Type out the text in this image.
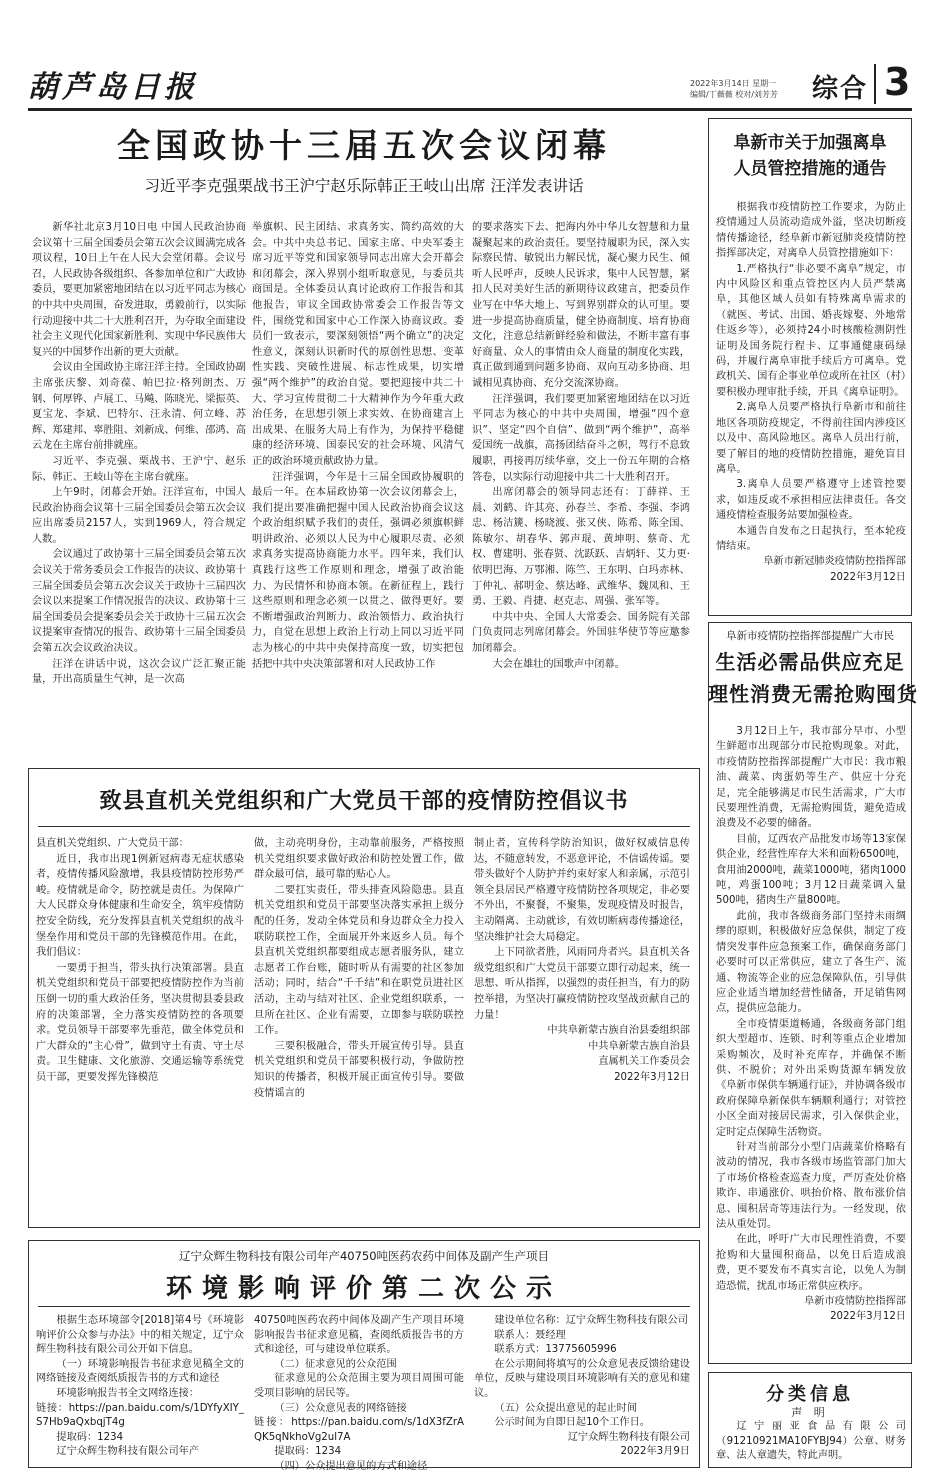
葫芦岛日报	2022年3月14日 星期一
编辑/丁薇薇 校对/刘芳芳 综合 3
全国政协十三届五次会议闭幕
习近平李克强栗战书王沪宁赵乐际韩正王岐山出席 汪洋发表讲话

新华社北京3月10日电 中国人民政治协商会议第十三届全国委员会第五次会议圆满完成各项议程，10日上午在人民大会堂闭幕。会议号召，人民政协各级组织、各参加单位和广大政协委员，要更加紧密地团结在以习近平同志为核心的中共中央周围，奋发进取，勇毅前行，以实际行动迎接中共二十大胜利召开，为夺取全面建设社会主义现代化国家新胜利、实现中华民族伟大复兴的中国梦作出新的更大贡献。

会议由全国政协主席汪洋主持。全国政协副主席张庆黎、刘奇葆、帕巴拉·格列朗杰、万钢、何厚铧、卢展工、马飚、陈晓光、梁振英、夏宝龙、李斌、巴特尔、汪永清、何立峰、苏辉、郑建邦、辜胜阻、刘新成、何维、邵鸿、高云龙在主席台前排就座。

习近平、李克强、栗战书、王沪宁、赵乐际、韩正、王岐山等在主席台就座。

上午9时，闭幕会开始。汪洋宣布，中国人民政治协商会议第十三届全国委员会第五次会议应出席委员2157人，实到1969人，符合规定人数。

会议通过了政协第十三届全国委员会第五次会议关于常务委员会工作报告的决议、政协第十三届全国委员会第五次会议关于政协十三届四次会议以来提案工作情况报告的决议、政协第十三届全国委员会提案委员会关于政协十三届五次会议提案审查情况的报告、政协第十三届全国委员会第五次会议政治决议。

汪洋在讲话中说，这次会议广泛汇聚正能量，开出高质量生气神，是一次高

举旗帜、民主团结、求真务实、简约高效的大会。中共中央总书记、国家主席、中央军委主席习近平等党和国家领导同志出席大会开幕会和闭幕会，深入界别小组听取意见，与委员共商国是。全体委员认真讨论政府工作报告和其他报告，审议全国政协常委会工作报告等文件，围绕党和国家中心工作深入协商议政。委员们一致表示，要深刻领悟“两个确立”的决定性意义，深刻认识新时代的原创性思想、变革性实践、突破性进展、标志性成果，切实增强“两个维护”的政治自觉。要把迎接中共二十大、学习宣传贯彻二十大精神作为今年重大政治任务，在思想引领上求实效、在协商建言上出成果、在服务大局上有作为，为保持平稳健康的经济环境、国泰民安的社会环境、风清气正的政治环境贡献政协力量。

汪洋强调，今年是十三届全国政协履职的最后一年。在本届政协第一次会议闭幕会上，我们提出要准确把握中国人民政治协商会议这个政治组织赋予我们的责任，强调必须旗帜鲜明讲政治、必须以人民为中心履职尽责、必须求真务实提高协商能力水平。四年来，我们认真践行这些工作原则和理念，增强了政治能力、为民情怀和协商本领。在新征程上，践行这些原则和理念必须一以贯之、做得更好。要不断增强政治判断力、政治领悟力、政治执行力，自觉在思想上政治上行动上同以习近平同志为核心的中共中央保持高度一致，切实把包括把中共中央决策部署和对人民政协工作

的要求落实下去、把海内外中华儿女智慧和力量凝聚起来的政治责任。要坚持履职为民，深入实际察民情、敏锐出力解民忧，凝心聚力民生、倾听人民呼声，反映人民诉求，集中人民智慧，紧扣人民对美好生活的新期待议政建言，把委员作业写在中华大地上、写到界别群众的认可里。要进一步提高协商质量，健全协商制度、培育协商文化，注意总结新鲜经验和做法，不断丰富有事好商量、众人的事情由众人商量的制度化实践，真正做到通到问题多协商、双向互动多协商、坦诚相见真协商、充分交流深协商。

汪洋强调，我们要更加紧密地团结在以习近平同志为核心的中共中央周围，增强“四个意识”、坚定“四个自信”、做到“两个维护”，高举爱国统一战旗，高扬团结奋斗之帜，驾行不息致履职，再接再厉续华章，交上一份五年期的合格答卷，以实际行动迎接中共二十大胜利召开。

出席闭幕会的领导同志还有：丁薛祥、王晨、刘鹤、许其亮、孙春兰、李希、李强、李鸿忠、杨洁篪、杨晓渡、张又侠、陈希、陈全国、陈敏尔、胡春华、郭声琨、黄坤明、蔡奇、尤权、曹建明、张春贤、沈跃跃、吉炳轩、艾力更·依明巴海、万鄂湘、陈竺、王东明、白玛赤林、丁仲礼、郝明金、蔡达峰、武维华、魏凤和、王勇、王毅、肖捷、赵克志、周强、张军等。

中共中央、全国人大常委会、国务院有关部门负责同志列席闭幕会。外国驻华使节等应邀参加闭幕会。

大会在雄壮的国歌声中闭幕。

阜新市关于加强离阜
人员管控措施的通告

根据我市疫情防控工作要求，为防止疫情通过人员流动造成外溢，坚决切断疫情传播途径，经阜新市新冠肺炎疫情防控指挥部决定，对离阜人员管控措施如下：

1.严格执行“非必要不离阜”规定，市内中风险区和重点管控区内人员严禁离阜，其他区域人员如有特殊离阜需求的（就医、考试、出国、婚丧嫁娶、外地常住返乡等），必须持24小时核酸检测阴性证明及国务院行程卡、辽事通健康码绿码，并履行离阜审批手续后方可离阜。党政机关、国有企事业单位或所在社区（村）要积极办理审批手续，开具《离阜证明》。

2.离阜人员要严格执行阜新市和前往地区各项防疫规定，不得前往国内涉疫区以及中、高风险地区。离阜人员出行前，要了解目的地的疫情防控措施，避免盲目离阜。

3.离阜人员要严格遵守上述管控要求，如违反或不承担相应法律责任。各交通疫情检查服务站要加强检查。

本通告自发布之日起执行，至本轮疫情结束。

阜新市新冠肺炎疫情防控指挥部

2022年3月12日

阜新市疫情防控指挥部提醒广大市民
生活必需品供应充足
理性消费无需抢购囤货

3月12日上午，我市部分早市、小型生鲜超市出现部分市民抢购现象。对此，市疫情防控指挥部提醒广大市民：我市粮油、蔬菜、肉蛋奶等生产、供应十分充足，完全能够满足市民生活需求，广大市民要理性消费，无需抢购囤货，避免造成浪费及不必要的储备。

目前，辽西农产品批发市场等13家保供企业，经营性库存大米和面粉6500吨，食用油2000吨，蔬菜1000吨，猪肉1000吨，鸡蛋100吨；3月12日蔬菜调入量500吨，猪肉生产量800吨。

此前，我市各级商务部门坚持未雨绸缪的原则，积极做好应急保供，制定了疫情突发事件应急预案工作，确保商务部门必要时可以正常供应，建立了各生产、流通、物流等企业的应急保障队伍，引导供应企业适当增加经营性储备，开足销售网点，提供应急能力。

全市疫情渠道畅通，各级商务部门组织大型超市、连锁、时利等重点企业增加采购频次，及时补充库存，并确保不断供、不脱价；对外出采购货源车辆发放《阜新市保供车辆通行证》，并协调各级市政府保障阜新保供车辆顺利通行；对管控小区全面对接居民需求，引入保供企业，定时定点保障生活物资。

针对当前部分小型门店蔬菜价格略有波动的情况，我市各级市场监管部门加大了市场价格检查巡查力度，严厉查处价格欺诈、串通涨价、哄抬价格、散布涨价信息、囤积居奇等违法行为。一经发现，依法从重处罚。

在此，呼吁广大市民理性消费，不要抢购和大量囤积商品，以免日后造成浪费，更不要发布不真实言论，以免人为制造恐慌，扰乱市场正常供应秩序。

阜新市疫情防控指挥部

2022年3月12日

致县直机关党组织和广大党员干部的疫情防控倡议书

县直机关党组织、广大党员干部：

近日，我市出现1例新冠病毒无症状感染者，疫情传播风险激增，我县疫情防控形势严峻。疫情就是命令，防控就是责任。为保障广大人民群众身体健康和生命安全，筑牢疫情防控安全防线，充分发挥县直机关党组织的战斗堡垒作用和党员干部的先锋模范作用。在此，我们倡议：

一要勇于担当，带头执行决策部署。县直机关党组织和党员干部要把疫情防控作为当前压倒一切的重大政治任务，坚决贯彻县委县政府的决策部署，全力落实疫情防控的各项要求。党员领导干部要率先垂范，做全体党员和广大群众的“主心骨”，做到守土有责、守土尽责。卫生健康、文化旅游、交通运输等系统党员干部，更要发挥先锋模范

做，主动亮明身份，主动靠前服务，严格按照机关党组织要求做好政治和防控处置工作，做群众最可信，最可靠的贴心人。

二要扛实责任，带头排查风险隐患。县直机关党组织和党员干部要坚决落实承担上级分配的任务，发动全体党员和身边群众全力投入联防联控工作，全面展开外来返乡人员。每个县直机关党组织都要组成志愿者服务队，建立志愿者工作台账，随时听从有需要的社区参加活动；同时，结合“千千结”和在职党员进社区活动，主动与结对社区、企业党组织联系，一旦所在社区、企业有需要，立即参与联防联控工作。

三要积极融合，带头开展宣传引导。县直机关党组织和党员干部要积极行动，争做防控知识的传播者，积极开展正面宣传引导。要做疫情谣言的

制止者，宣传科学防治知识，做好权威信息传达，不随意转发，不恶意评论，不信谣传谣。要带头做好个人防护并约束好家人和亲属，示范引领全县居民严格遵守疫情防控各项规定，非必要不外出，不聚餐，不聚集，发现疫情及时报告，主动隔离、主动就诊，有效切断病毒传播途径，坚决维护社会大局稳定。

上下同欲者胜，风雨同舟者兴。县直机关各级党组织和广大党员干部要立即行动起来，统一思想、听从指挥，以强烈的责任担当，有力的防控举措，为坚决打赢疫情防控攻坚战贡献自己的力量！

中共阜新蒙古族自治县委组织部

中共阜新蒙古族自治县

直属机关工作委员会

2022年3月12日

辽宁众辉生物科技有限公司年产40750吨医药农药中间体及副产生产项目
环境影响评价第二次公示

根据生态环境部令[2018]第4号《环境影响评价公众参与办法》中的相关规定，辽宁众辉生物科技有限公司公开如下信息。

（一）环境影响报告书征求意见稿全文的网络链接及查阅纸质报告书的方式和途径

环境影响报告书全文网络连接：

链接：https://pan.baidu.com/s/1DYfyXIY_S7Hb9aQxbqjT4g

提取码：1234

辽宁众辉生物科技有限公司年产

40750吨医药农药中间体及副产生产项目环境影响报告书征求意见稿，查阅纸质报告书的方式和途径，可与建设单位联系。

（二）征求意见的公众范围

征求意见的公众范围主要为项目周围可能受项目影响的居民等。

（三）公众意见表的网络链接

链接：https://pan.baidu.com/s/1dX3fZrAQK5qNkhoVg2ul7A

提取码：1234

（四）公众提出意见的方式和途径

建设单位名称：辽宁众辉生物科技有限公司

联系人：聂经理

联系方式：13775605996

在公示期间将填写的公众意见表反馈给建设单位，反映与建设项目环境影响有关的意见和建议。

（五）公众提出意见的起止时间

公示时间为自即日起10个工作日。

辽宁众辉生物科技有限公司

2022年3月9日

分类信息
声 明

辽宁丽亚食品有限公司（91210921MA10FYBJ94）公章、财务章、法人章遗失，特此声明。
